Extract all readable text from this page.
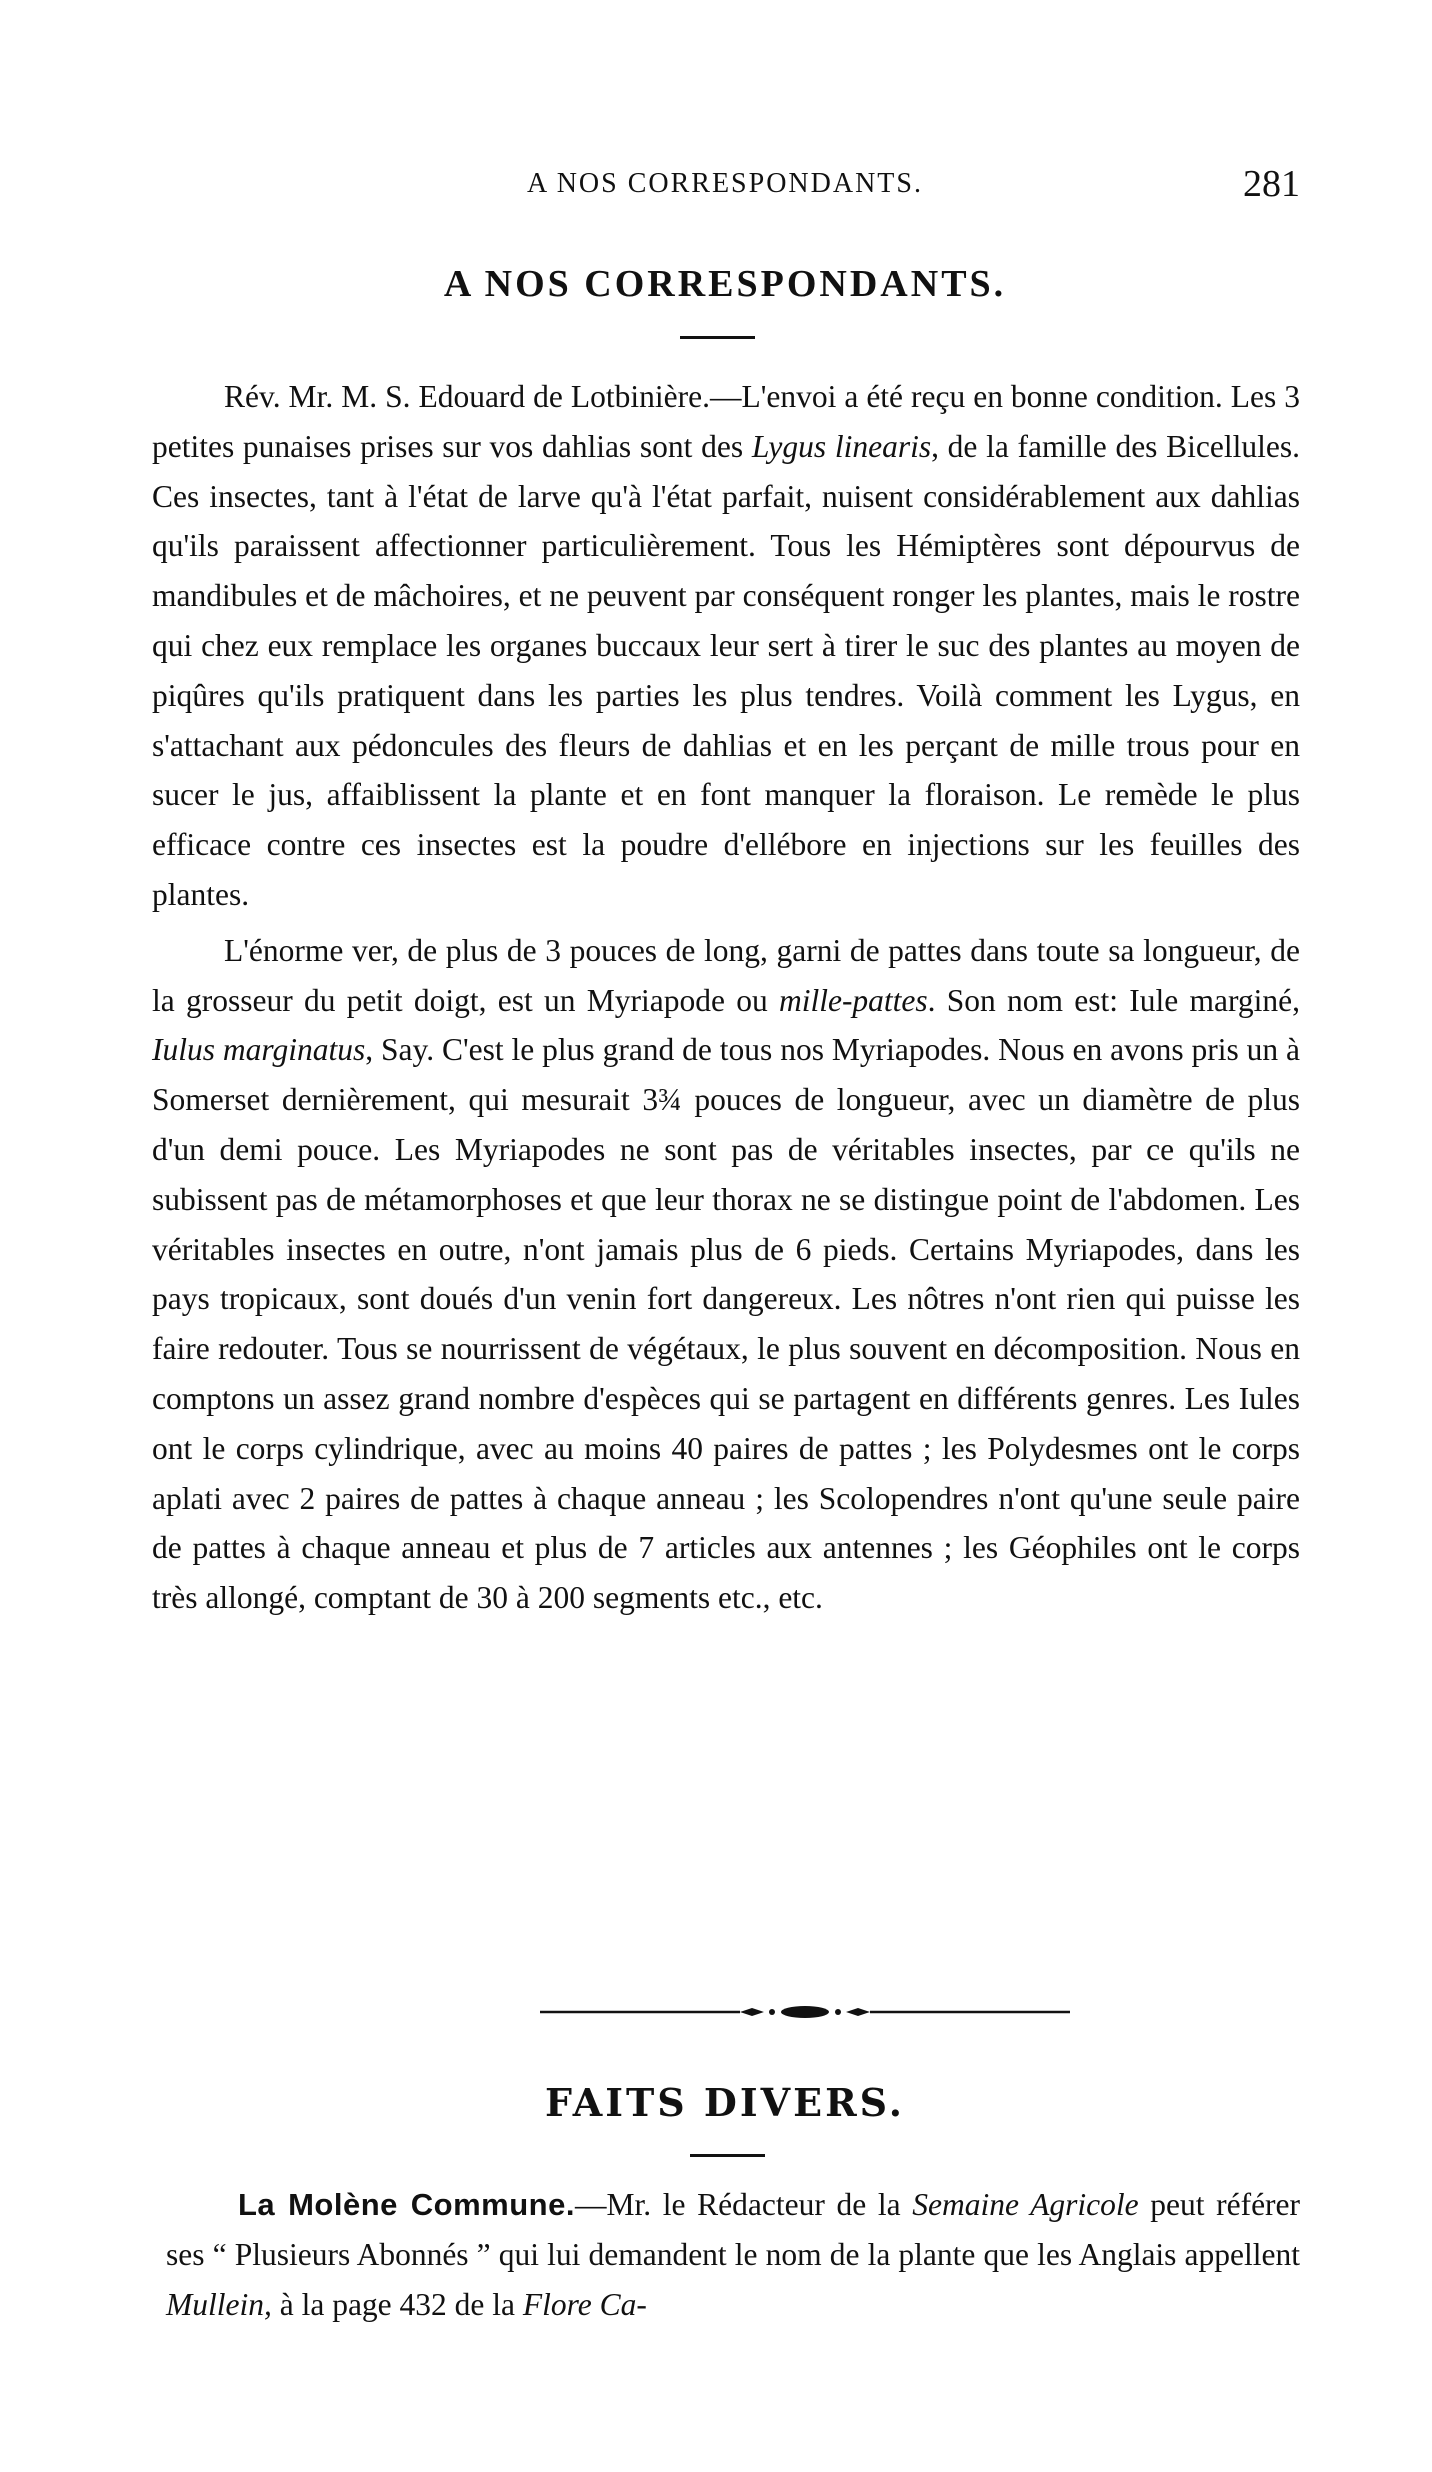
A NOS CORRESPONDANTS.	281
A NOS CORRESPONDANTS.

Rév. Mr. M. S. Edouard de Lotbinière.—L'envoi a été reçu en bonne condition. Les 3 petites punaises prises sur vos dahlias sont des Lygus linearis, de la famille des Bicellules. Ces insectes, tant à l'état de larve qu'à l'état parfait, nuisent considérablement aux dahlias qu'ils paraissent affectionner particulièrement. Tous les Hémiptères sont dépourvus de mandibules et de mâchoires, et ne peuvent par conséquent ronger les plantes, mais le rostre qui chez eux remplace les organes buccaux leur sert à tirer le suc des plantes au moyen de piqûres qu'ils pratiquent dans les parties les plus tendres. Voilà comment les Lygus, en s'attachant aux pédoncules des fleurs de dahlias et en les perçant de mille trous pour en sucer le jus, affaiblissent la plante et en font manquer la floraison. Le remède le plus efficace contre ces insectes est la poudre d'ellébore en injections sur les feuilles des plantes.

L'énorme ver, de plus de 3 pouces de long, garni de pattes dans toute sa longueur, de la grosseur du petit doigt, est un Myriapode ou mille-pattes. Son nom est: Iule marginé, Iulus marginatus, Say. C'est le plus grand de tous nos Myriapodes. Nous en avons pris un à Somerset dernièrement, qui mesurait 3¾ pouces de longueur, avec un diamètre de plus d'un demi pouce. Les Myriapodes ne sont pas de véritables insectes, par ce qu'ils ne subissent pas de métamorphoses et que leur thorax ne se distingue point de l'abdomen. Les véritables insectes en outre, n'ont jamais plus de 6 pieds. Certains Myriapodes, dans les pays tropicaux, sont doués d'un venin fort dangereux. Les nôtres n'ont rien qui puisse les faire redouter. Tous se nourrissent de végétaux, le plus souvent en décomposition. Nous en comptons un assez grand nombre d'espèces qui se partagent en différents genres. Les Iules ont le corps cylindrique, avec au moins 40 paires de pattes ; les Polydesmes ont le corps aplati avec 2 paires de pattes à chaque anneau ; les Scolopendres n'ont qu'une seule paire de pattes à chaque anneau et plus de 7 articles aux antennes ; les Géophiles ont le corps très allongé, comptant de 30 à 200 segments etc., etc.

FAITS DIVERS.

La Molène Commune.—Mr. le Rédacteur de la Semaine Agricole peut référer ses “ Plusieurs Abonnés ” qui lui demandent le nom de la plante que les Anglais appellent Mullein, à la page 432 de la Flore Ca-
